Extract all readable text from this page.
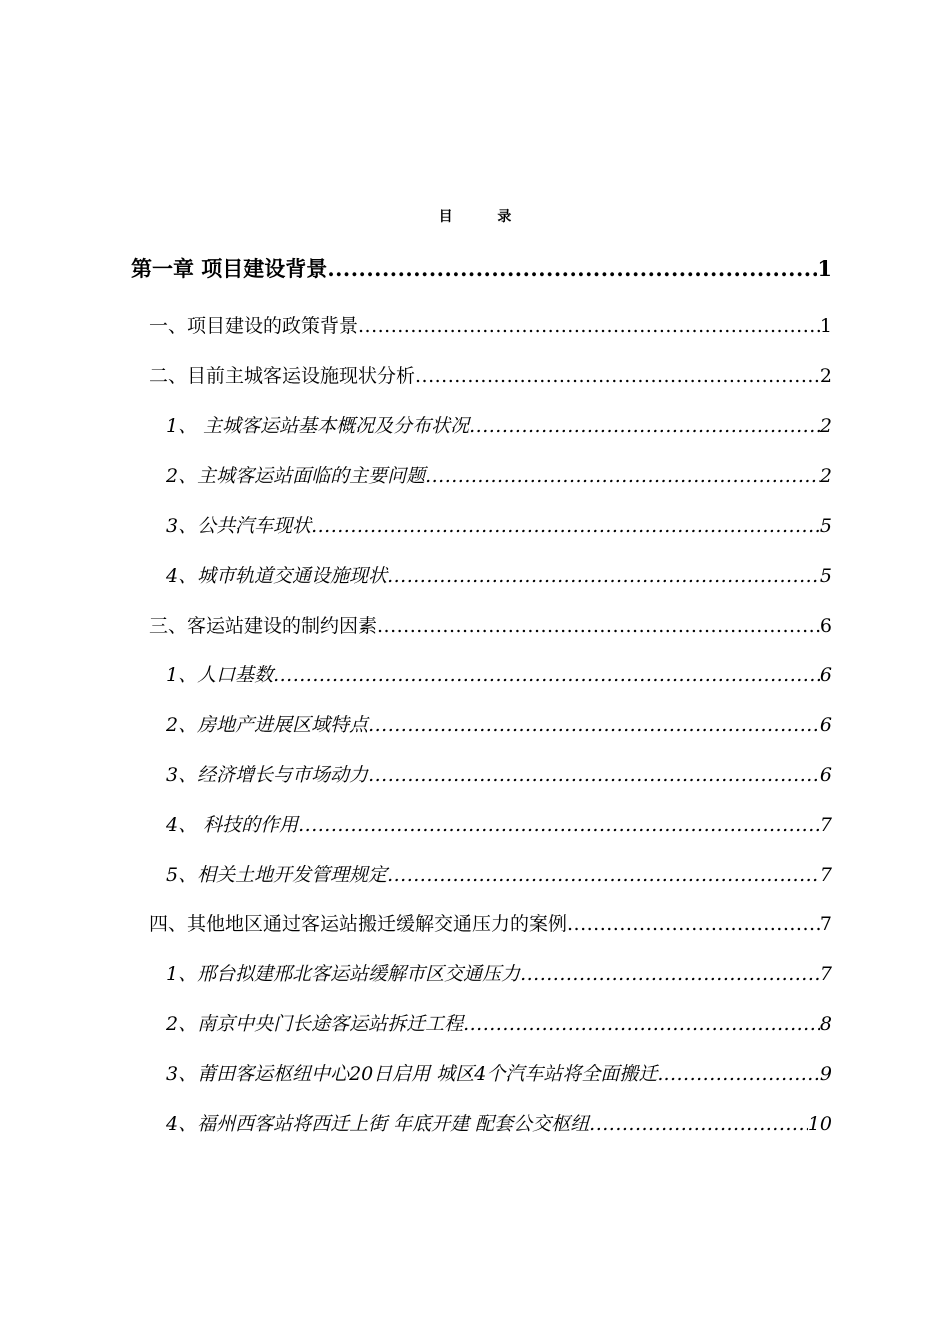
目 录
第一章 项目建设背景 .....	1
一、项目建设的政策背景 .....	1
二、目前主城客运设施现状分析 .....	2
1、 主城客运站基本概况及分布状况 .....	2
2、主城客运站面临的主要问题 .....	2
3、公共汽车现状 .....	5
4、城市轨道交通设施现状 .....	5
三、客运站建设的制约因素 .....	6
1、人口基数 .....	6
2、房地产进展区域特点 .....	6
3、经济增长与市场动力 .....	6
4、 科技的作用 .....	7
5、相关土地开发管理规定 .....	7
四、其他地区通过客运站搬迁缓解交通压力的案例 .....	7
1、邢台拟建邢北客运站缓解市区交通压力 .....	7
2、南京中央门长途客运站拆迁工程 .....	8
3、莆田客运枢纽中心20日启用 城区4个汽车站将全面搬迁. .....	9
4、福州西客站将西迁上街 年底开建 配套公交枢纽 .....	10
